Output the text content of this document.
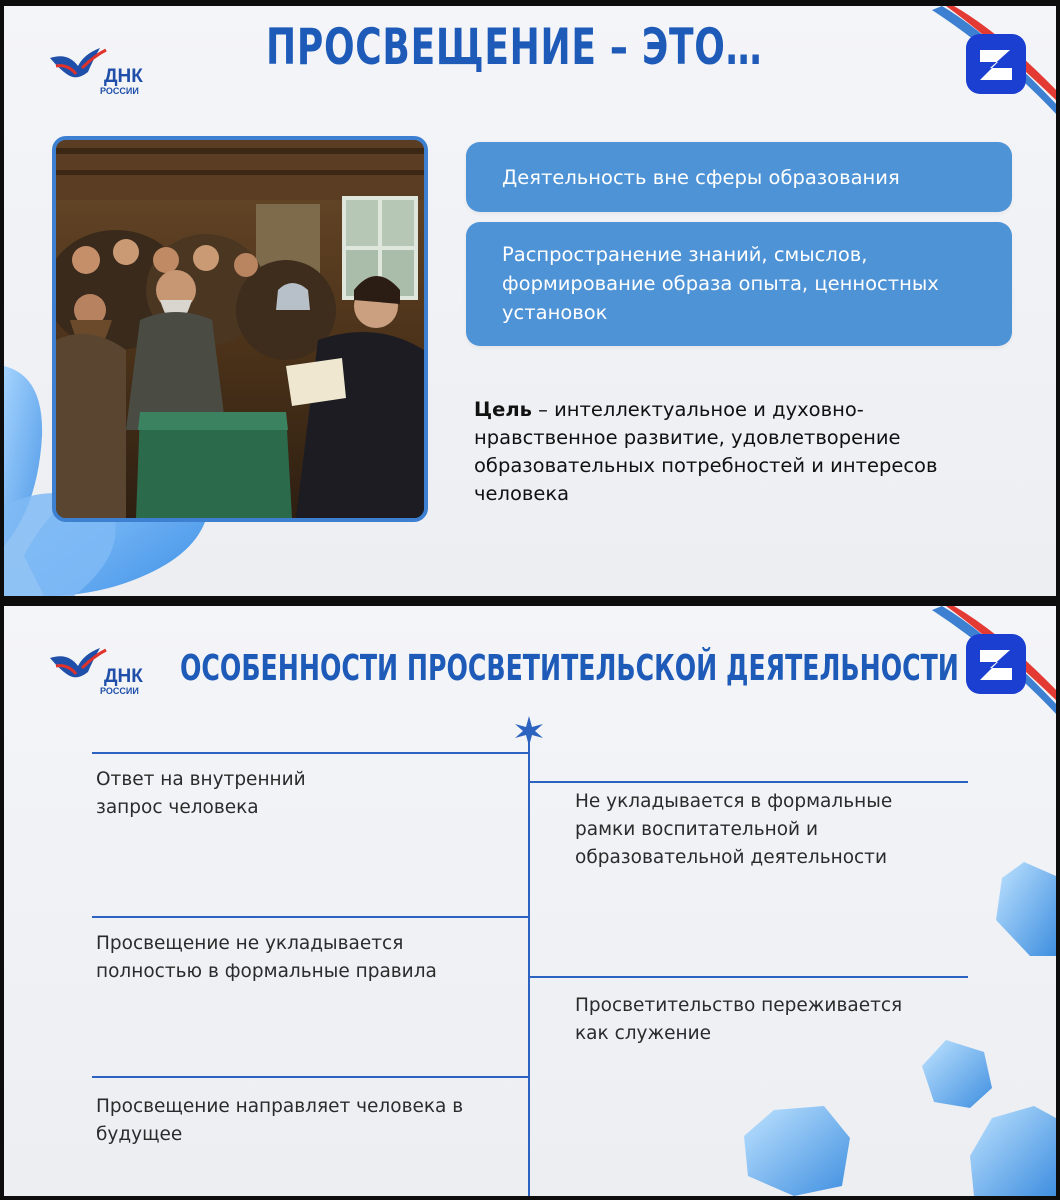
ДНК
РОССИИ
ПРОСВЕЩЕНИЕ – ЭТО…
Деятельность вне сферы образования
Распространение знаний, смыслов, формирование образа опыта, ценностных установок
Цель – интеллектуальное и духовно-нравственное развитие, удовлетворение образовательных потребностей и интересов человека
ДНК
РОССИИ
ОСОБЕННОСТИ ПРОСВЕТИТЕЛЬСКОЙ ДЕЯТЕЛЬНОСТИ
Ответ на внутренний запрос человека
Просвещение не укладывается полностью в формальные правила
Просвещение направляет человека в будущее
Не укладывается в формальные рамки воспитательной и образовательной деятельности
Просветительство переживается как служение
